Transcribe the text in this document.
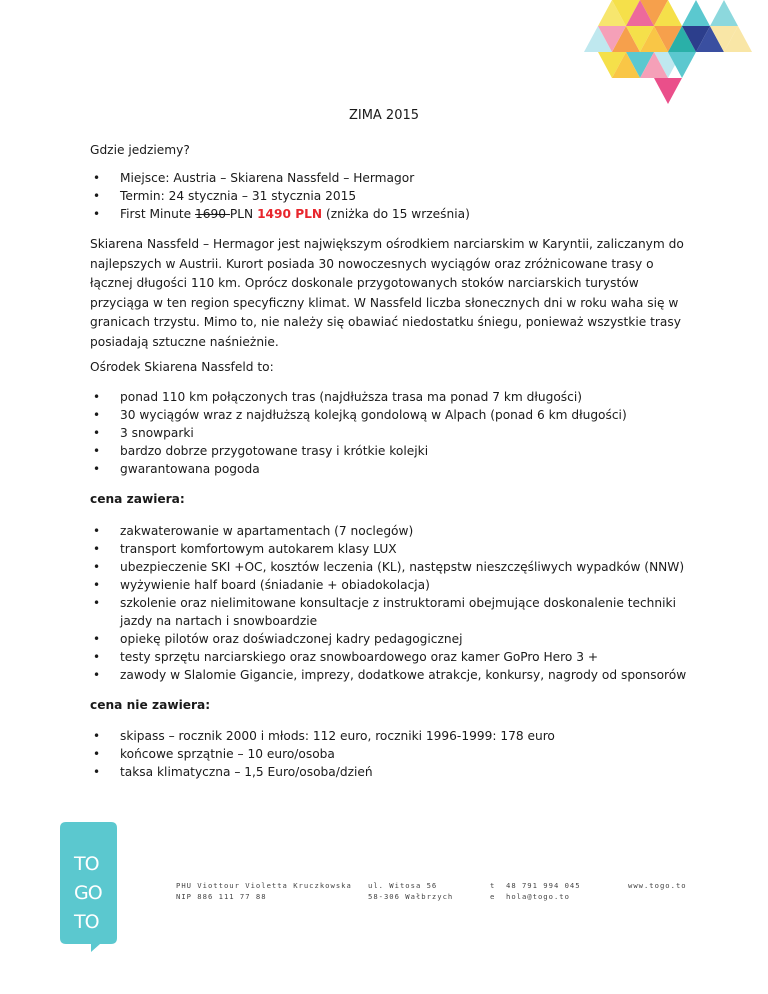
ZIMA 2015

Gdzie jedziemy?

• Miejsce: Austria – Skiarena Nassfeld – Hermagor
• Termin: 24 stycznia – 31 stycznia 2015
• First Minute 1690 PLN 1490 PLN (zniżka do 15 września)

Skiarena Nassfeld – Hermagor jest największym ośrodkiem narciarskim w Karyntii, zaliczanym do najlepszych w Austrii. Kurort posiada 30 nowoczesnych wyciągów oraz zróżnicowane trasy o łącznej długości 110 km. Oprócz doskonale przygotowanych stoków narciarskich turystów przyciąga w ten region specyficzny klimat. W Nassfeld liczba słonecznych dni w roku waha się w granicach trzystu. Mimo to, nie należy się obawiać niedostatku śniegu, ponieważ wszystkie trasy posiadają sztuczne naśnieżnie.

Ośrodek Skiarena Nassfeld to:

• ponad 110 km połączonych tras (najdłuższa trasa ma ponad 7 km długości)
• 30 wyciągów wraz z najdłuższą kolejką gondolową w Alpach (ponad 6 km długości)
• 3 snowparki
• bardzo dobrze przygotowane trasy i krótkie kolejki
• gwarantowana pogoda

cena zawiera:

• zakwaterowanie w apartamentach (7 noclegów)
• transport komfortowym autokarem klasy LUX
• ubezpieczenie SKI +OC, kosztów leczenia (KL), następstw nieszczęśliwych wypadków (NNW)
• wyżywienie half board (śniadanie + obiadokolacja)
• szkolenie oraz nielimitowane konsultacje z instruktorami obejmujące doskonalenie techniki jazdy na nartach i snowboardzie
• opiekę pilotów oraz doświadczonej kadry pedagogicznej
• testy sprzętu narciarskiego oraz snowboardowego oraz kamer GoPro Hero 3 +
• zawody w Slalomie Gigancie, imprezy, dodatkowe atrakcje, konkursy, nagrody od sponsorów

cena nie zawiera:

• skipass – rocznik 2000 i młods: 112 euro, roczniki 1996-1999: 178 euro
• końcowe sprzątnie – 10 euro/osoba
• taksa klimatyczna – 1,5 Euro/osoba/dzień
TO
GO
TO
PHU Viottour Violetta Kruczkowska
NIP 886 111 77 88
ul. Witosa 56
58-306 Wałbrzych
t
e
48 791 994 045
hola@togo.to
www.togo.to
